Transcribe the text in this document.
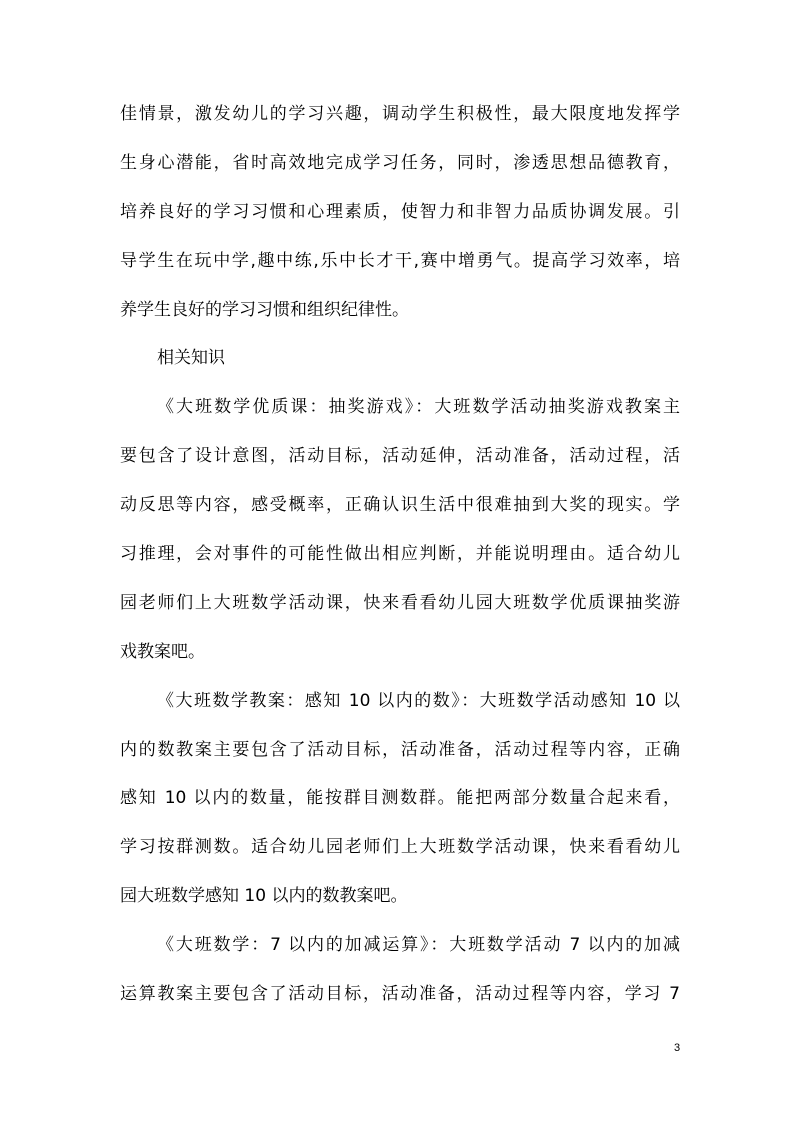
佳情景，激发幼儿的学习兴趣，调动学生积极性，最大限度地发挥学
生身心潜能，省时高效地完成学习任务，同时，渗透思想品德教育，
培养良好的学习习惯和心理素质，使智力和非智力品质协调发展。引
导学生在玩中学,趣中练,乐中长才干,赛中增勇气。提高学习效率，培
养学生良好的学习习惯和组织纪律性。
相关知识
《大班数学优质课：抽奖游戏》：大班数学活动抽奖游戏教案主
要包含了设计意图，活动目标，活动延伸，活动准备，活动过程，活
动反思等内容，感受概率，正确认识生活中很难抽到大奖的现实。学
习推理，会对事件的可能性做出相应判断，并能说明理由。适合幼儿
园老师们上大班数学活动课，快来看看幼儿园大班数学优质课抽奖游
戏教案吧。
《大班数学教案：感知 10 以内的数》：大班数学活动感知 10 以
内的数教案主要包含了活动目标，活动准备，活动过程等内容，正确
感知 10 以内的数量，能按群目测数群。能把两部分数量合起来看，
学习按群测数。适合幼儿园老师们上大班数学活动课，快来看看幼儿
园大班数学感知 10 以内的数教案吧。
《大班数学：7 以内的加减运算》：大班数学活动 7 以内的加减
运算教案主要包含了活动目标，活动准备，活动过程等内容，学习 7
3
